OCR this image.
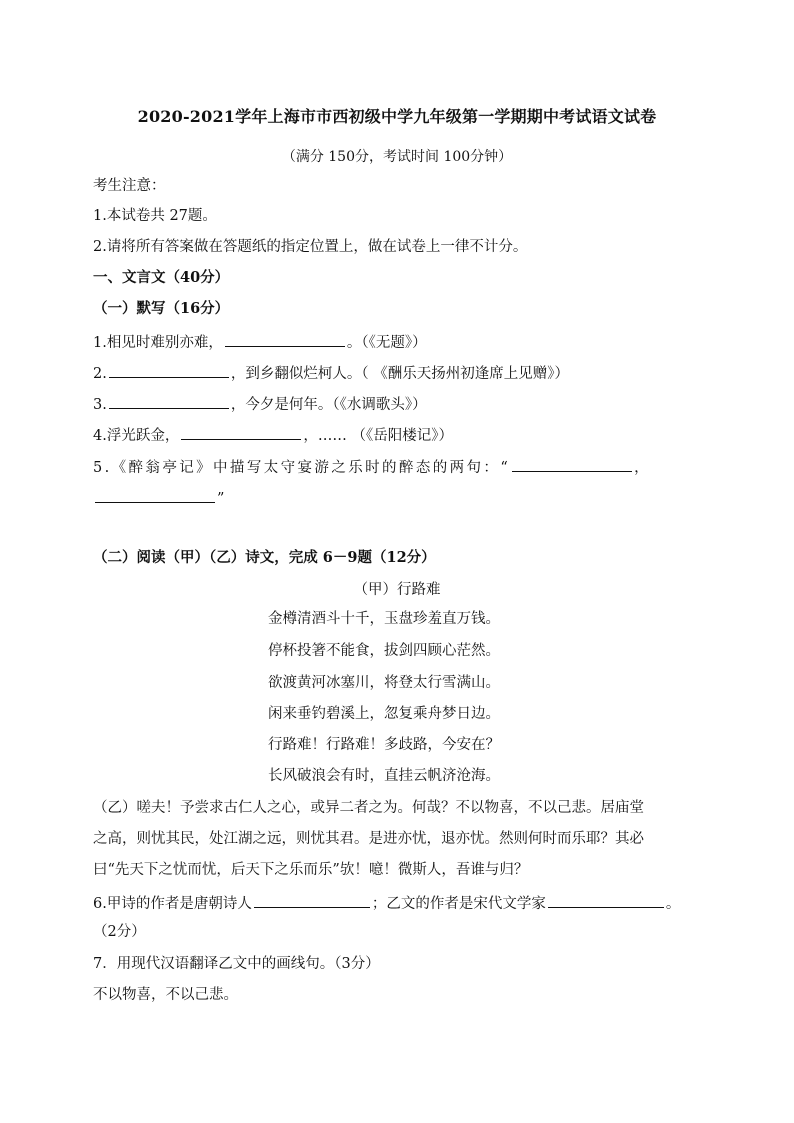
2020-2021学年上海市市西初级中学九年级第一学期期中考试语文试卷
（满分 150分，考试时间 100分钟）
考生注意：
1.本试卷共 27题。
2.请将所有答案做在答题纸的指定位置上，做在试卷上一律不计分。
一、文言文（40分）
（一）默写（16分）
1.相见时难别亦难，	。（《无题》）
2.	，到乡翻似烂柯人。（ 《酬乐天扬州初逢席上见赠》）
3.	，今夕是何年。（《水调歌头》）
4.浮光跃金，	，…… （《岳阳楼记》）
5.《醉翁亭记》中描写太守宴游之乐时的醉态的两句：“	，
”
（二）阅读（甲）（乙）诗文，完成 6－9题（12分）
（甲）行路难
金樽清酒斗十千，玉盘珍羞直万钱。
停杯投箸不能食，拔剑四顾心茫然。
欲渡黄河冰塞川，将登太行雪满山。
闲来垂钓碧溪上，忽复乘舟梦日边。
行路难！行路难！多歧路，今安在？
长风破浪会有时，直挂云帆济沧海。
（乙）嗟夫！予尝求古仁人之心，或异二者之为。何哉？不以物喜，不以己悲。居庙堂
之高，则忧其民，处江湖之远，则忧其君。是进亦忧，退亦忧。然则何时而乐耶？其必
曰“先天下之忧而忧，后天下之乐而乐”欤！噫！微斯人，吾谁与归？
6.甲诗的作者是唐朝诗人	；乙文的作者是宋代文学家	。
（2分）
7．用现代汉语翻译乙文中的画线句。（3分）
不以物喜，不以己悲。
